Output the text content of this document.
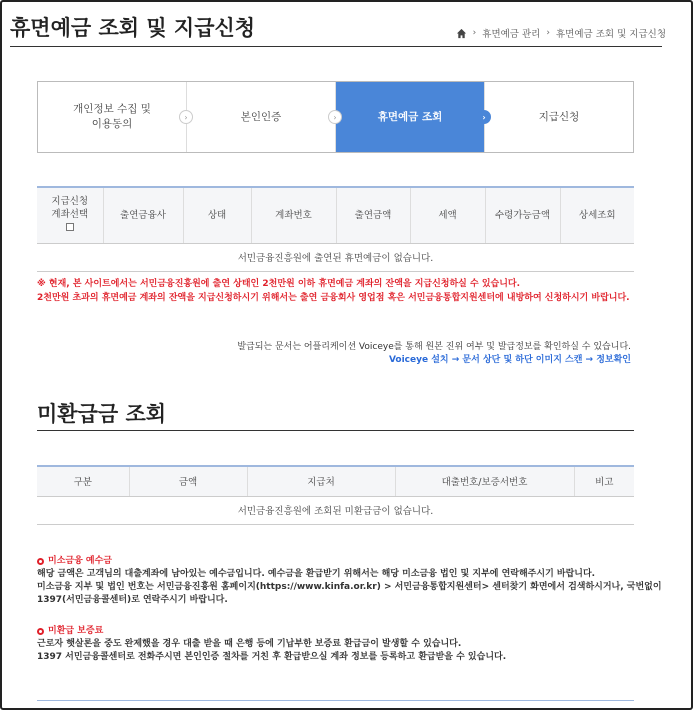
휴면예금 조회 및 지급신청	› 휴면예금 관리 › 휴면예금 조회 및 지급신청
개인정보 수집 및
이용동의
›	본인인증	›	휴면예금 조회	›	지급신청
지급신청
계좌선택	출연금융사	상태	계좌번호	출연금액	세액	수령가능금액	상세조회
서민금융진흥원에 출연된 휴면예금이 없습니다.
※ 현재, 본 사이트에서는 서민금융진흥원에 출연 상태인 2천만원 이하 휴면예금 계좌의 잔액을 지급신청하실 수 있습니다.
2천만원 초과의 휴면예금 계좌의 잔액을 지급신청하시기 위해서는 출연 금융회사 영업점 혹은 서민금융통합지원센터에 내방하여 신청하시기 바랍니다.
발급되는 문서는 어플리케이션 Voiceye를 통해 원본 진위 여부 및 발급정보를 확인하실 수 있습니다.
Voiceye 설치 → 문서 상단 및 하단 이미지 스캔 → 정보확인
미환급금 조회
구분	금액	지급처	대출번호/보증서번호	비고
서민금융진흥원에 조회된 미환급금이 없습니다.
미소금융 예수금
해당 금액은 고객님의 대출계좌에 남아있는 예수금입니다. 예수금을 환급받기 위해서는 해당 미소금융 법인 및 지부에 연락해주시기 바랍니다.
미소금융 지부 및 법인 번호는 서민금융진흥원 홈페이지(https://www.kinfa.or.kr) > 서민금융통합지원센터> 센터찾기 화면에서 검색하시거나, 국번없이
1397(서민금융콜센터)로 연락주시기 바랍니다.
미환급 보증료
근로자 햇살론을 중도 완제했을 경우 대출 받을 때 은행 등에 기납부한 보증료 환급금이 발생할 수 있습니다.
1397 서민금융콜센터로 전화주시면 본인인증 절차를 거친 후 환급받으실 계좌 정보를 등록하고 환급받을 수 있습니다.
